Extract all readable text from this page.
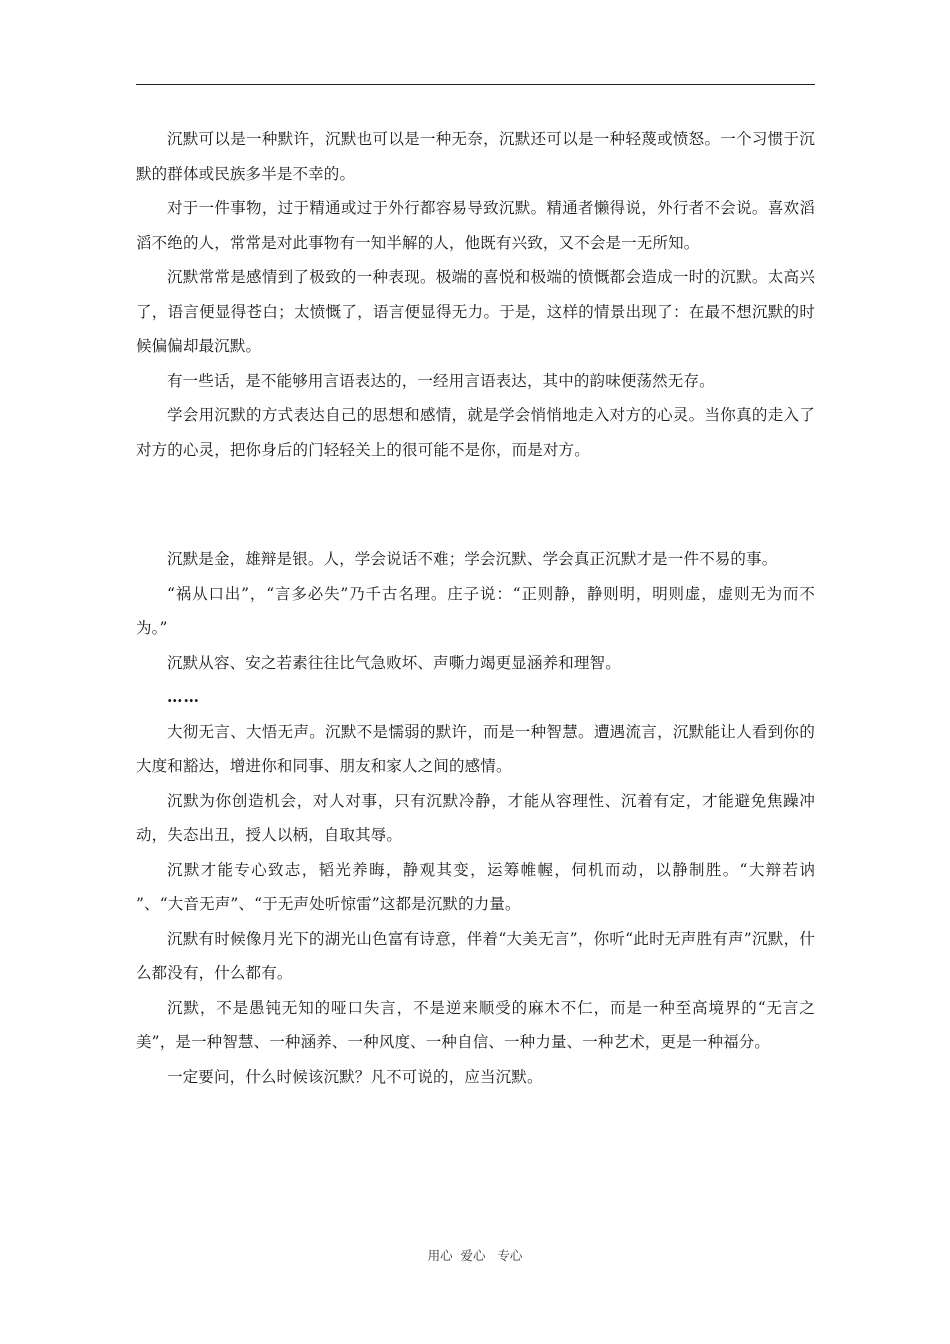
沉默可以是一种默许，沉默也可以是一种无奈，沉默还可以是一种轻蔑或愤怒。一个习惯于沉默的群体或民族多半是不幸的。

对于一件事物，过于精通或过于外行都容易导致沉默。精通者懒得说，外行者不会说。喜欢滔滔不绝的人，常常是对此事物有一知半解的人，他既有兴致，又不会是一无所知。

沉默常常是感情到了极致的一种表现。极端的喜悦和极端的愤慨都会造成一时的沉默。太高兴了，语言便显得苍白；太愤慨了，语言便显得无力。于是，这样的情景出现了：在最不想沉默的时候偏偏却最沉默。

有一些话，是不能够用言语表达的，一经用言语表达，其中的韵味便荡然无存。

学会用沉默的方式表达自己的思想和感情，就是学会悄悄地走入对方的心灵。当你真的走入了对方的心灵，把你身后的门轻轻关上的很可能不是你，而是对方。

沉默是金，雄辩是银。人，学会说话不难；学会沉默、学会真正沉默才是一件不易的事。

“祸从口出”，“言多必失”乃千古名理。庄子说：“正则静，静则明，明则虚，虚则无为而不为。”

沉默从容、安之若素往往比气急败坏、声嘶力竭更显涵养和理智。

……

大彻无言、大悟无声。沉默不是懦弱的默许，而是一种智慧。遭遇流言，沉默能让人看到你的大度和豁达，增进你和同事、朋友和家人之间的感情。

沉默为你创造机会，对人对事，只有沉默冷静，才能从容理性、沉着有定，才能避免焦躁冲动，失态出丑，授人以柄，自取其辱。

沉默才能专心致志，韬光养晦，静观其变，运筹帷幄，伺机而动，以静制胜。“大辩若讷 ”、“大音无声”、“于无声处听惊雷”这都是沉默的力量。

沉默有时候像月光下的湖光山色富有诗意，伴着“大美无言”，你听“此时无声胜有声”沉默，什么都没有，什么都有。

沉默，不是愚钝无知的哑口失言，不是逆来顺受的麻木不仁，而是一种至高境界的“无言之美”，是一种智慧、一种涵养、一种风度、一种自信、一种力量、一种艺术，更是一种福分。

一定要问，什么时候该沉默？凡不可说的，应当沉默。

用心  爱心   专心
